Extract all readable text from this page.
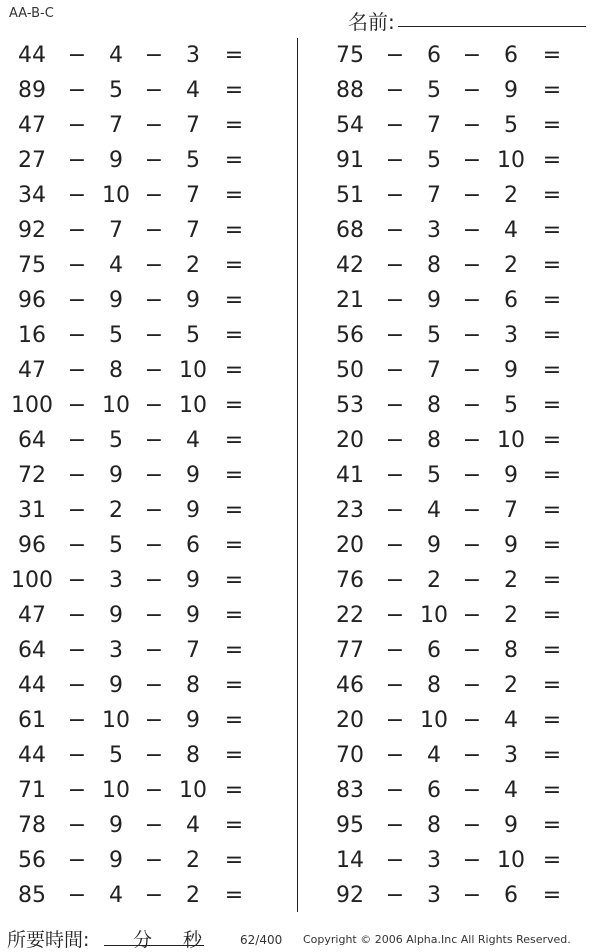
AA-B-C	名前:
44 −	4 −	3	=
89 −	5 −	4	=
47 −	7 −	7	=
27 −	9 −	5	=
34 − 10 −	7	=
92 −	7 −	7	=
75 −	4 −	2	=
96 −	9 −	9	=
16 −	5 −	5	=
47 −	8 − 10 =
100 − 10 − 10 =
64 −	5 −	4	=
72 −	9 −	9	=
31 −	2 −	9	=
96 −	5 −	6	=
100 −	3 −	9	=
47 −	9 −	9	=
64 −	3 −	7	=
44 −	9 −	8	=
61 − 10 −	9	=
44 −	5 −	8	=
71 − 10 − 10 =
78 −	9 −	4	=
56 −	9 −	2	=
85 −	4 −	2	=
75 −	6 −	6	=
88 −	5 −	9	=
54 −	7 −	5	=
91 −	5 − 10 =
51 −	7 −	2	=
68 −	3 −	4	=
42 −	8 −	2	=
21 −	9 −	6	=
56 −	5 −	3	=
50 −	7 −	9	=
53 −	8 −	5	=
20 −	8 − 10 =
41 −	5 −	9	=
23 −	4 −	7	=
20 −	9 −	9	=
76 −	2 −	2	=
22 − 10 −	2	=
77 −	6 −	8	=
46 −	8 −	2	=
20 − 10 −	4	=
70 −	4 −	3	=
83 −	6 −	4	=
95 −	8 −	9	=
14 −	3 − 10 =
92 −	3 −	6	=
所要時間: 分 秒	62/400 Copyright © 2006 Alpha.Inc All Rights Reserved.
